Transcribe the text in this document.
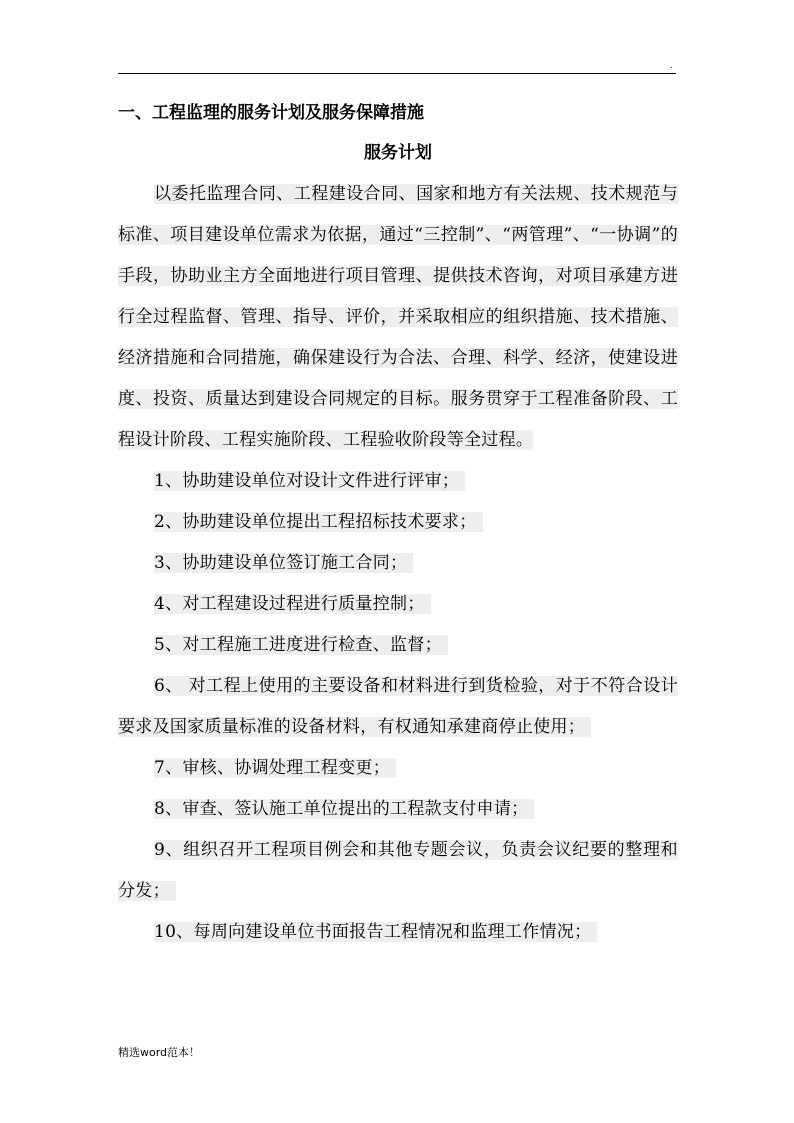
.

一、工程监理的服务计划及服务保障措施

服务计划

以委托监理合同、工程建设合同、国家和地方有关法规、技术规范与标准、项目建设单位需求为依据，通过“三控制”、“两管理”、“一协调”的手段，协助业主方全面地进行项目管理、提供技术咨询，对项目承建方进行全过程监督、管理、指导、评价，并采取相应的组织措施、技术措施、经济措施和合同措施，确保建设行为合法、合理、科学、经济，使建设进度、投资、质量达到建设合同规定的目标。服务贯穿于工程准备阶段、工程设计阶段、工程实施阶段、工程验收阶段等全过程。

1、协助建设单位对设计文件进行评审；

2、协助建设单位提出工程招标技术要求；

3、协助建设单位签订施工合同；

4、对工程建设过程进行质量控制；

5、对工程施工进度进行检查、监督；

6、 对工程上使用的主要设备和材料进行到货检验，对于不符合设计要求及国家质量标准的设备材料，有权通知承建商停止使用；

7、审核、协调处理工程变更；

8、审查、签认施工单位提出的工程款支付申请；

9、组织召开工程项目例会和其他专题会议，负责会议纪要的整理和分发；

10、每周向建设单位书面报告工程情况和监理工作情况；

精选word范本！
